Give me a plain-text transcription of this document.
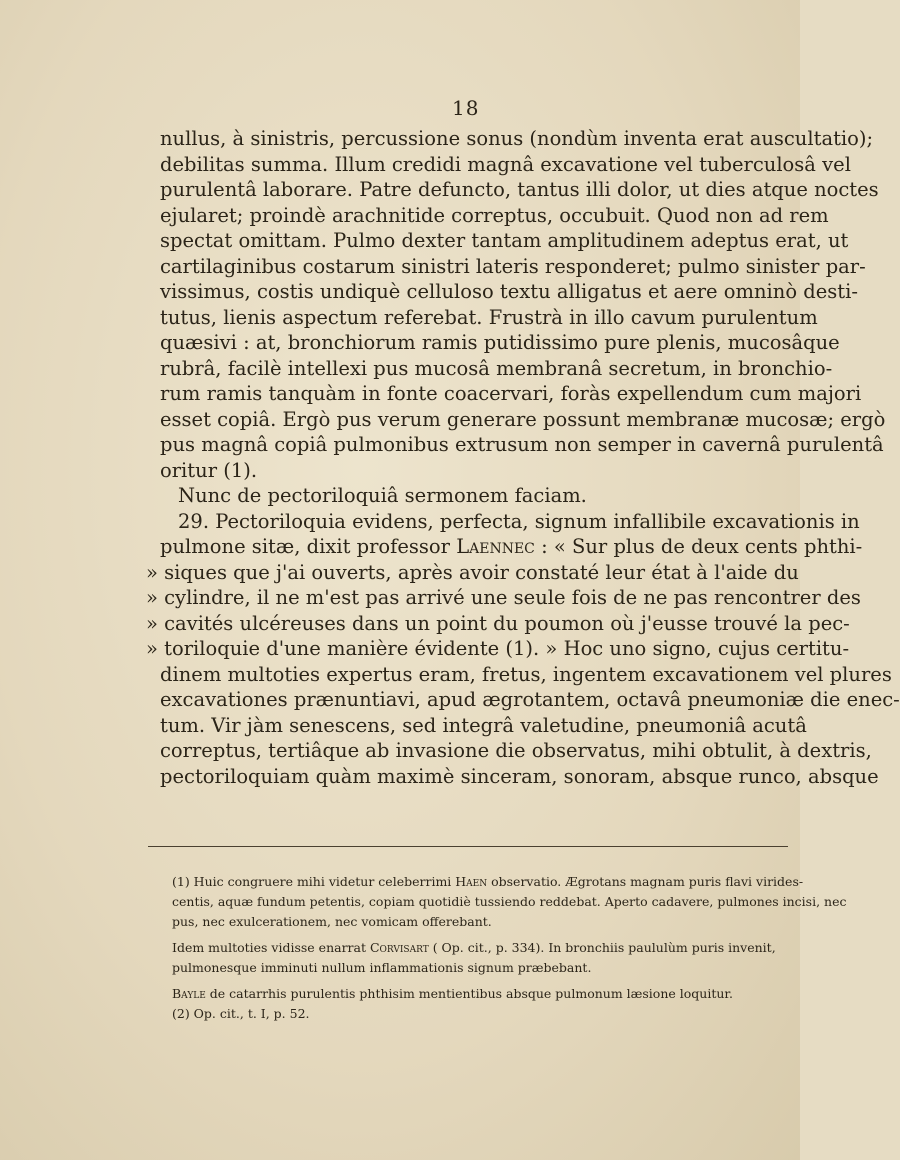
18
nullus, à sinistris, percussione sonus (nondùm inventa erat auscultatio);
debilitas summa. Illum credidi magnâ excavatione vel tuberculosâ vel
purulentâ laborare. Patre defuncto, tantus illi dolor, ut dies atque noctes
ejularet; proindè arachnitide correptus, occubuit. Quod non ad rem
spectat omittam. Pulmo dexter tantam amplitudinem adeptus erat, ut
cartilaginibus costarum sinistri lateris responderet; pulmo sinister par-
vissimus, costis undiquè celluloso textu alligatus et aere omninò desti-
tutus, lienis aspectum referebat. Frustrà in illo cavum purulentum
quæsivi : at, bronchiorum ramis putidissimo pure plenis, mucosâque
rubrâ, facilè intellexi pus mucosâ membranâ secretum, in bronchio-
rum ramis tanquàm in fonte coacervari, foràs expellendum cum majori
esset copiâ. Ergò pus verum generare possunt membranæ mucosæ; ergò
pus magnâ copiâ pulmonibus extrusum non semper in cavernâ purulentâ
oritur (1).
Nunc de pectoriloquiâ sermonem faciam.
29. Pectoriloquia evidens, perfecta, signum infallibile excavationis in
pulmone sitæ, dixit professor Laennec : « Sur plus de deux cents phthi-
» siques que j'ai ouverts, après avoir constaté leur état à l'aide du
» cylindre, il ne m'est pas arrivé une seule fois de ne pas rencontrer des
» cavités ulcéreuses dans un point du poumon où j'eusse trouvé la pec-
» toriloquie d'une manière évidente (1). » Hoc uno signo, cujus certitu-
dinem multoties expertus eram, fretus, ingentem excavationem vel plures
excavationes prænuntiavi, apud ægrotantem, octavâ pneumoniæ die enec-
tum. Vir jàm senescens, sed integrâ valetudine, pneumoniâ acutâ
correptus, tertiâque ab invasione die observatus, mihi obtulit, à dextris,
pectoriloquiam quàm maximè sinceram, sonoram, absque runco, absque
(1) Huic congruere mihi videtur celeberrimi Haen observatio. Ægrotans magnam puris flavi virides-
centis, aquæ fundum petentis, copiam quotidiè tussiendo reddebat. Aperto cadavere, pulmones incisi, nec
pus, nec exulcerationem, nec vomicam offerebant.
Idem multoties vidisse enarrat Corvisart ( Op. cit., p. 334). In bronchiis paululùm puris invenit,
pulmonesque imminuti nullum inflammationis signum præbebant.
Bayle de catarrhis purulentis phthisim mentientibus absque pulmonum læsione loquitur.
(2) Op. cit., t. I, p. 52.
